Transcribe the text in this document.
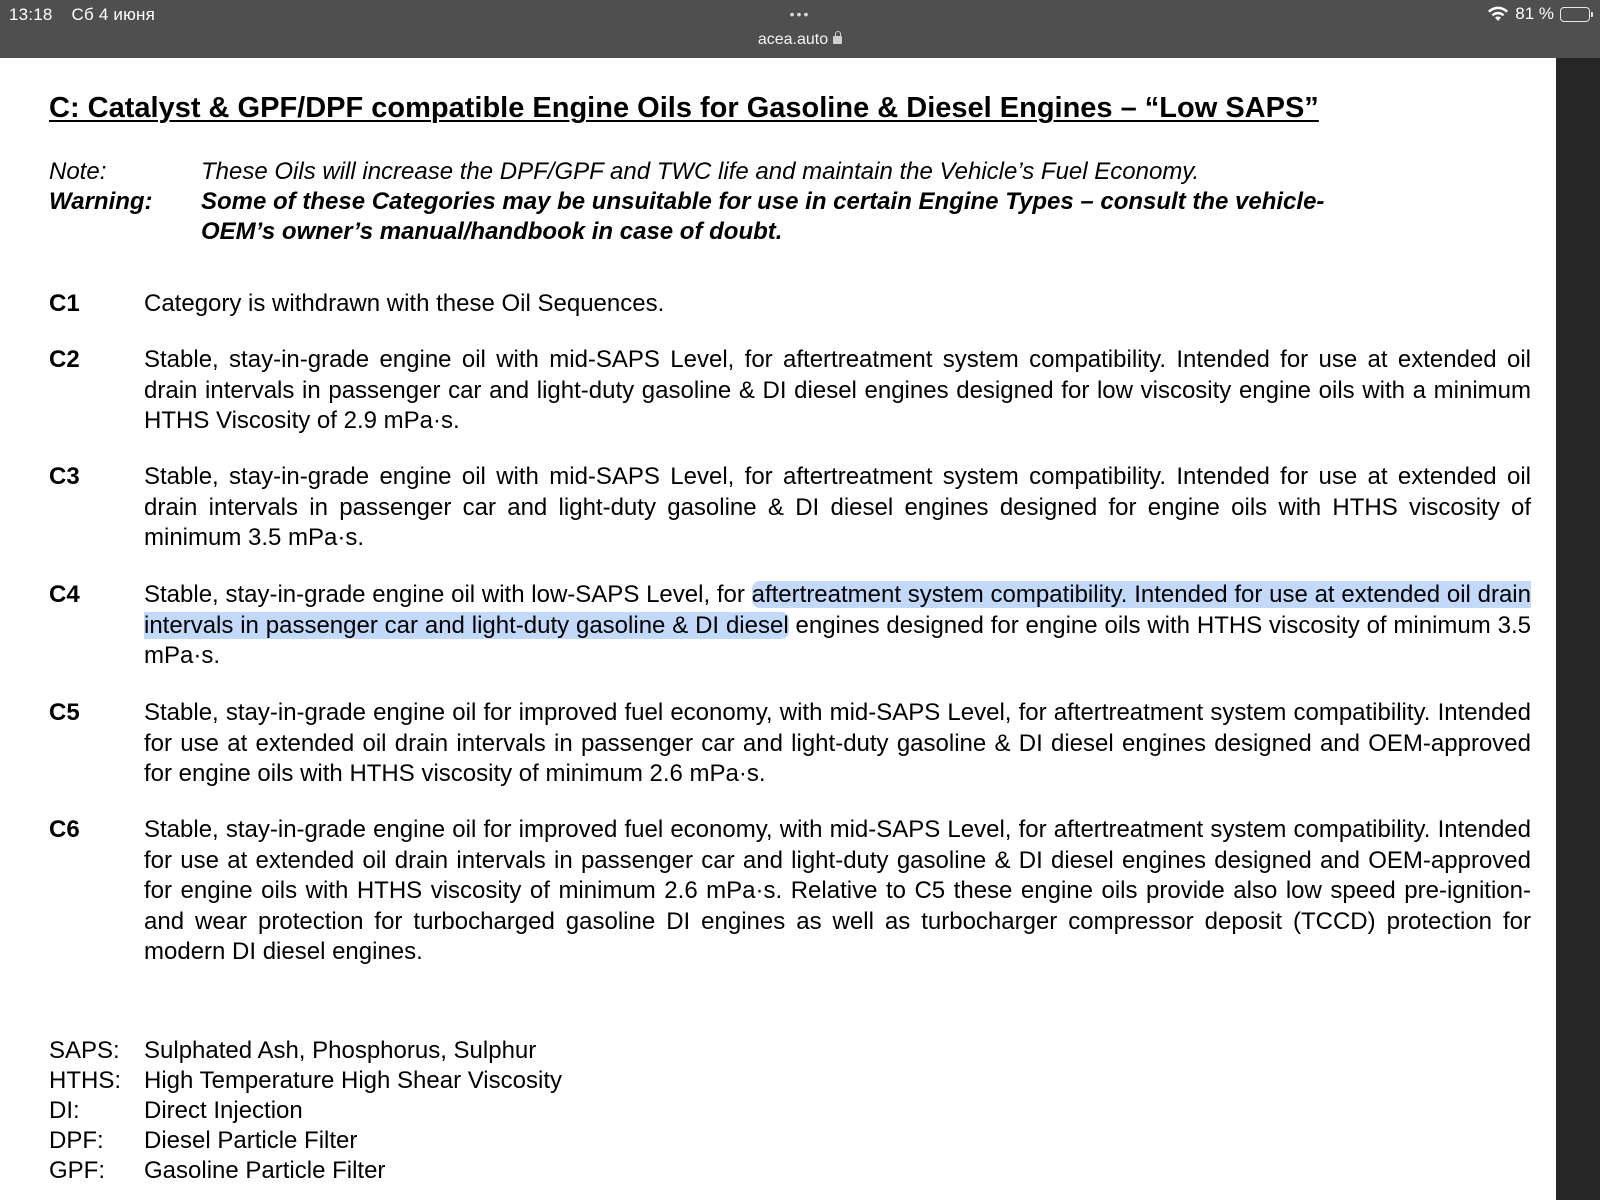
13:18 Сб 4 июня	•••
acea.auto
81 %
C: Catalyst & GPF/DPF compatible Engine Oils for Gasoline & Diesel Engines – “Low SAPS”
Note:	These Oils will increase the DPF/GPF and TWC life and maintain the Vehicle’s Fuel Economy.
Warning: Some of these Categories may be unsuitable for use in certain Engine Types – consult the vehicle-
OEM’s owner’s manual/handbook in case of doubt.
C1	Category is withdrawn with these Oil Sequences.
C2	Stable, stay-in-grade engine oil with mid-SAPS Level, for aftertreatment system compatibility. Intended for use at extended oil drain intervals in passenger car and light-duty gasoline & DI diesel engines designed for low viscosity engine oils with a minimum HTHS Viscosity of 2.9 mPa·s.
C3	Stable, stay-in-grade engine oil with mid-SAPS Level, for aftertreatment system compatibility. Intended for use at extended oil drain intervals in passenger car and light-duty gasoline & DI diesel engines designed for engine oils with HTHS viscosity of minimum 3.5 mPa·s.
C4	Stable, stay-in-grade engine oil with low-SAPS Level, for aftertreatment system compatibility. Intended for use at extended oil drain intervals in passenger car and light-duty gasoline & DI diesel engines designed for engine oils with HTHS viscosity of minimum 3.5 mPa·s.
C5	Stable, stay-in-grade engine oil for improved fuel economy, with mid-SAPS Level, for aftertreatment system compatibility. Intended for use at extended oil drain intervals in passenger car and light-duty gasoline & DI diesel engines designed and OEM-approved for engine oils with HTHS viscosity of minimum 2.6 mPa·s.
C6	Stable, stay-in-grade engine oil for improved fuel economy, with mid-SAPS Level, for aftertreatment system compatibility. Intended for use at extended oil drain intervals in passenger car and light-duty gasoline & DI diesel engines designed and OEM-approved for engine oils with HTHS viscosity of minimum 2.6 mPa·s. Relative to C5 these engine oils provide also low speed pre-ignition- and wear protection for turbocharged gasoline DI engines as well as turbocharger compressor deposit (TCCD) protection for modern DI diesel engines.
SAPS: Sulphated Ash, Phosphorus, Sulphur
HTHS: High Temperature High Shear Viscosity
DI:	Direct Injection
DPF: Diesel Particle Filter
GPF: Gasoline Particle Filter
